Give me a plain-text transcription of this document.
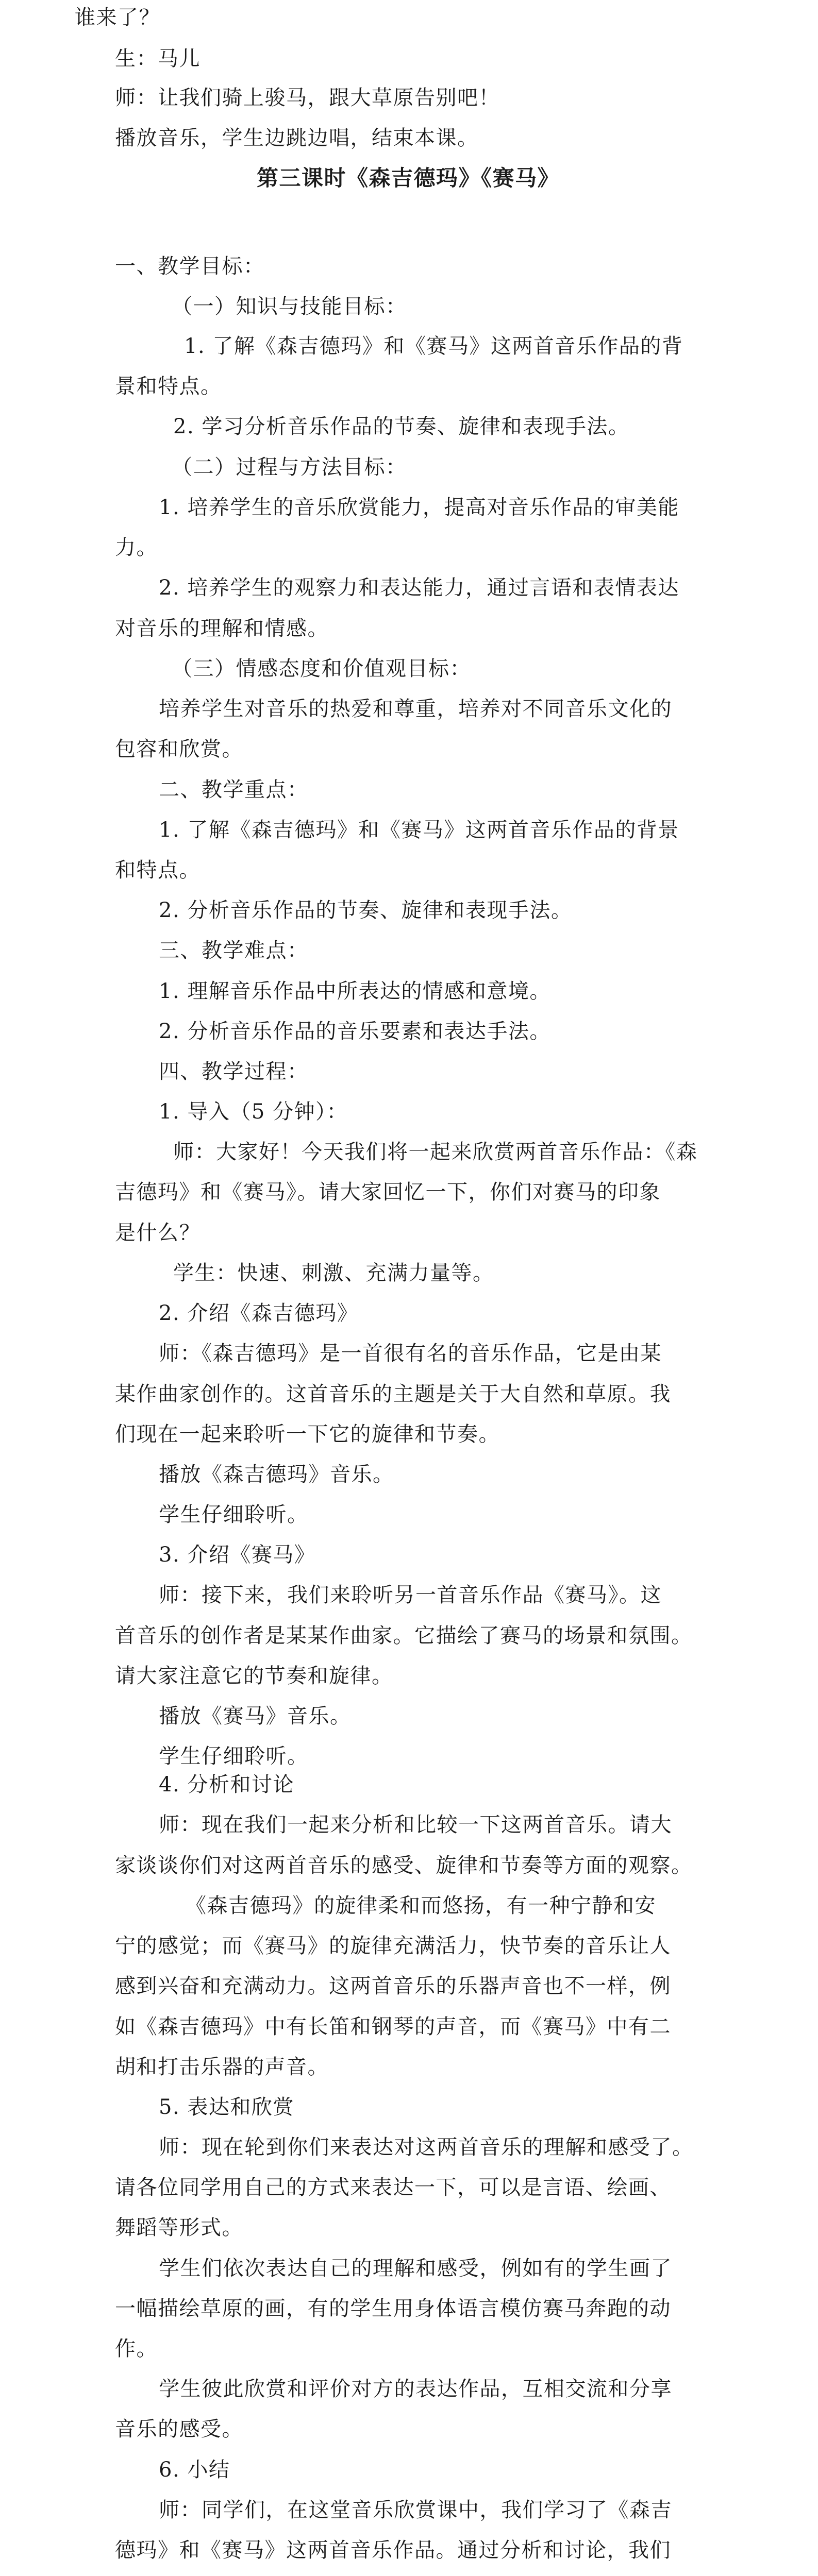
谁来了？
生：马儿
师：让我们骑上骏马，跟大草原告别吧！
播放音乐，学生边跳边唱，结束本课。
第三课时《森吉德玛》《赛马》
一、教学目标：
（一）知识与技能目标：
1. 了解《森吉德玛》和《赛马》这两首音乐作品的背
景和特点。
2. 学习分析音乐作品的节奏、旋律和表现手法。
（二）过程与方法目标：
1. 培养学生的音乐欣赏能力，提高对音乐作品的审美能
力。
2. 培养学生的观察力和表达能力，通过言语和表情表达
对音乐的理解和情感。
（三）情感态度和价值观目标：
培养学生对音乐的热爱和尊重，培养对不同音乐文化的
包容和欣赏。
二、教学重点：
1. 了解《森吉德玛》和《赛马》这两首音乐作品的背景
和特点。
2. 分析音乐作品的节奏、旋律和表现手法。
三、教学难点：
1. 理解音乐作品中所表达的情感和意境。
2. 分析音乐作品的音乐要素和表达手法。
四、教学过程：
1. 导入（5 分钟）：
师：大家好！今天我们将一起来欣赏两首音乐作品：《森
吉德玛》和《赛马》。请大家回忆一下，你们对赛马的印象
是什么？
学生：快速、刺激、充满力量等。
2. 介绍《森吉德玛》
师：《森吉德玛》是一首很有名的音乐作品，它是由某
某作曲家创作的。这首音乐的主题是关于大自然和草原。我
们现在一起来聆听一下它的旋律和节奏。
播放《森吉德玛》音乐。
学生仔细聆听。
3. 介绍《赛马》
师：接下来，我们来聆听另一首音乐作品《赛马》。这
首音乐的创作者是某某作曲家。它描绘了赛马的场景和氛围。
请大家注意它的节奏和旋律。
播放《赛马》音乐。
学生仔细聆听。
4. 分析和讨论
师：现在我们一起来分析和比较一下这两首音乐。请大
家谈谈你们对这两首音乐的感受、旋律和节奏等方面的观察。
《森吉德玛》的旋律柔和而悠扬，有一种宁静和安
宁的感觉；而《赛马》的旋律充满活力，快节奏的音乐让人
感到兴奋和充满动力。这两首音乐的乐器声音也不一样，例
如《森吉德玛》中有长笛和钢琴的声音，而《赛马》中有二
胡和打击乐器的声音。
5. 表达和欣赏
师：现在轮到你们来表达对这两首音乐的理解和感受了。
请各位同学用自己的方式来表达一下，可以是言语、绘画、
舞蹈等形式。
学生们依次表达自己的理解和感受，例如有的学生画了
一幅描绘草原的画，有的学生用身体语言模仿赛马奔跑的动
作。
学生彼此欣赏和评价对方的表达作品，互相交流和分享
音乐的感受。
6. 小结
师：同学们，在这堂音乐欣赏课中，我们学习了《森吉
德玛》和《赛马》这两首音乐作品。通过分析和讨论，我们
